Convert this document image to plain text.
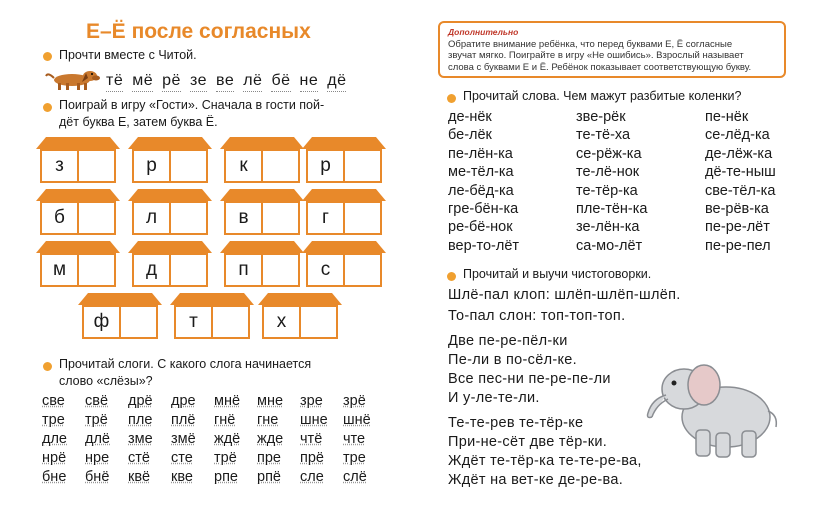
Е–Ё после согласных
Прочти вместе с Читой.
тё мё рё зе ве лё бё не дё
Поиграй в игру «Гости». Сначала в гости пой-
дёт буква Е, затем буква Ё.
з	р	к	р
б	л	в	г
м	д	п	с
ф	т	х
Прочитай слоги. С какого слога начинается
слово «слёзы»?
све	свё	дрё	дре	мнё	мне	зре	зрё
тре	трё	пле	плё	гнё	гне	шне	шнё
дле	длё	зме	змё	ждё	жде	чтё	чте
нрё	нре	стё	сте	трё	пре	прё	тре
бне	бнё	квё	кве	рпе	рпё	сле	слё
Дополнительно
Обратите внимание ребёнка, что перед буквами Е, Ё согласные
звучат мягко. Поиграйте в игру «Не ошибись». Взрослый называет
слова с буквами Е и Ё. Ребёнок показывает соответствующую букву.
Прочитай слова. Чем мажут разбитые коленки?
де-нёк	зве-рёк	пе-нёк
бе-лёк	те-тё-ха	се-лёд-ка
пе-лён-ка	се-рёж-ка	де-лёж-ка
ме-тёл-ка	те-лё-нок	дё-те-ныш
ле-бёд-ка	те-тёр-ка	све-тёл-ка
гре-бён-ка	пле-тён-ка	ве-рёв-ка
ре-бё-нок	зе-лён-ка	пе-ре-лёт
вер-то-лёт	са-мо-лёт	пе-ре-пел
Прочитай и выучи чистоговорки.
Шлё-пал клоп: шлёп-шлёп-шлёп.
То-пал слон: топ-топ-топ.
Две пе-ре-пёл-ки
Пе-ли в по-сёл-ке.
Все пес-ни пе-ре-пе-ли
И у-ле-те-ли.
Те-те-рев те-тёр-ке
При-не-сёт две тёр-ки.
Ждёт те-тёр-ка те-те-ре-ва,
Ждёт на вет-ке де-ре-ва.
